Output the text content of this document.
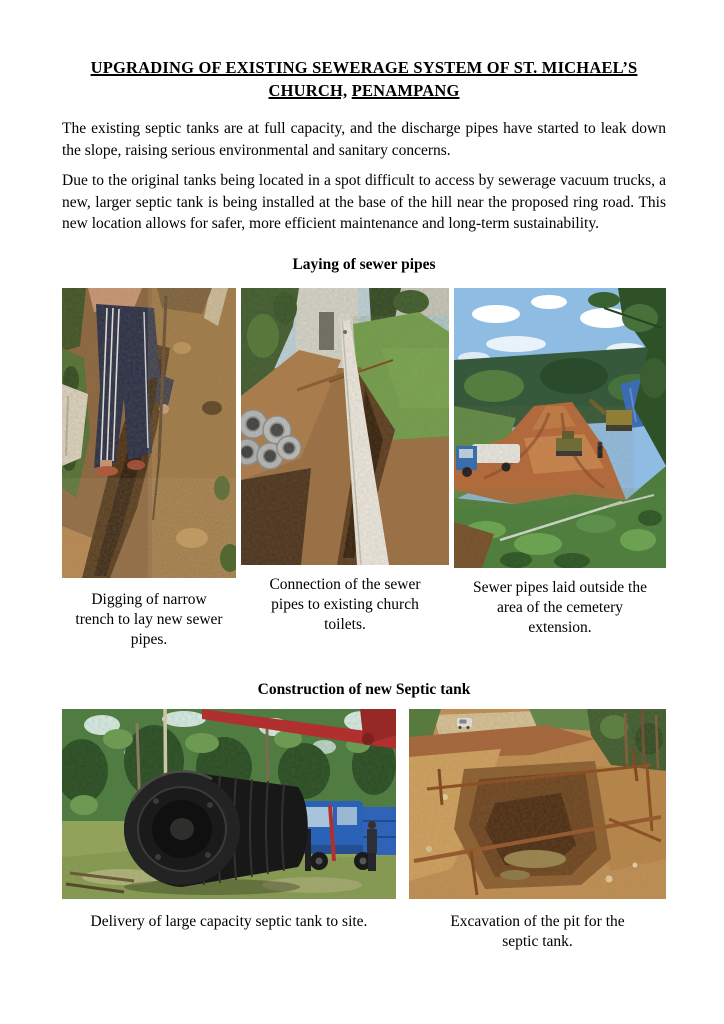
UPGRADING OF EXISTING SEWERAGE SYSTEM OF ST. MICHAEL’S
CHURCH, PENAMPANG

The existing septic tanks are at full capacity, and the discharge pipes have started to leak down the slope, raising serious environmental and sanitary concerns.

Due to the original tanks being located in a spot difficult to access by sewerage vacuum trucks, a new, larger septic tank is being installed at the base of the hill near the proposed ring road. This new location allows for safer, more efficient maintenance and long-term sustainability.

Laying of sewer pipes
Digging of narrow trench to lay new sewer pipes.
Connection of the sewer pipes to existing church toilets.
Sewer pipes laid outside the area of the cemetery extension.
Construction of new Septic tank
Delivery of large capacity septic tank to site.	Excavation of the pit for the septic tank.
